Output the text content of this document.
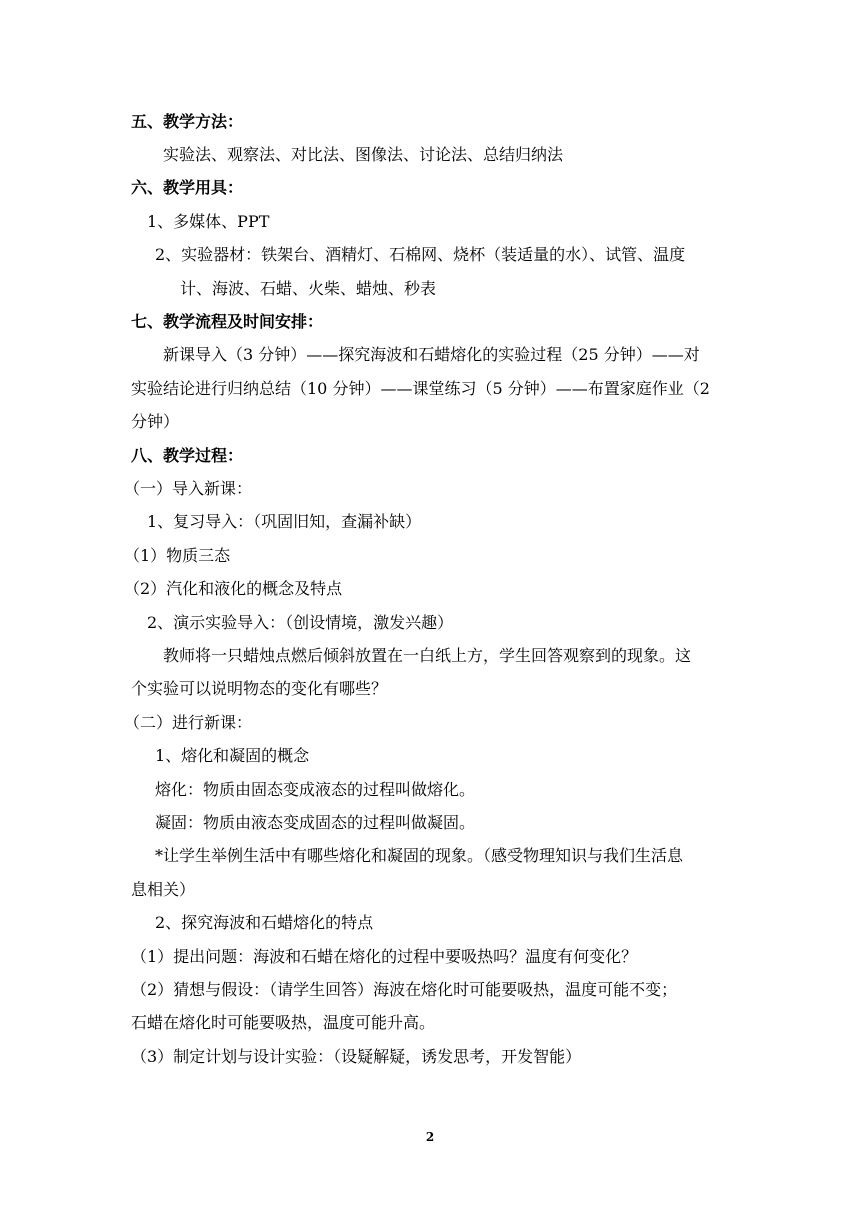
五、教学方法：
实验法、观察法、对比法、图像法、讨论法、总结归纳法
六、教学用具：
1、多媒体、PPT
2、实验器材：铁架台、酒精灯、石棉网、烧杯（装适量的水）、试管、温度
计、海波、石蜡、火柴、蜡烛、秒表
七、教学流程及时间安排：
新课导入（3 分钟）——探究海波和石蜡熔化的实验过程（25 分钟）——对
实验结论进行归纳总结（10 分钟）——课堂练习（5 分钟）——布置家庭作业（2
分钟）
八、教学过程：
（一）导入新课：
1、复习导入：（巩固旧知，查漏补缺）
（1）物质三态
（2）汽化和液化的概念及特点
2、演示实验导入：（创设情境，激发兴趣）
教师将一只蜡烛点燃后倾斜放置在一白纸上方，学生回答观察到的现象。这
个实验可以说明物态的变化有哪些？
（二）进行新课：
1、熔化和凝固的概念
熔化：物质由固态变成液态的过程叫做熔化。
凝固：物质由液态变成固态的过程叫做凝固。
*让学生举例生活中有哪些熔化和凝固的现象。（感受物理知识与我们生活息
息相关）
2、探究海波和石蜡熔化的特点
（1）提出问题：海波和石蜡在熔化的过程中要吸热吗？温度有何变化？
（2）猜想与假设：（请学生回答）海波在熔化时可能要吸热，温度可能不变；
石蜡在熔化时可能要吸热，温度可能升高。
（3）制定计划与设计实验：（设疑解疑，诱发思考，开发智能）
2
